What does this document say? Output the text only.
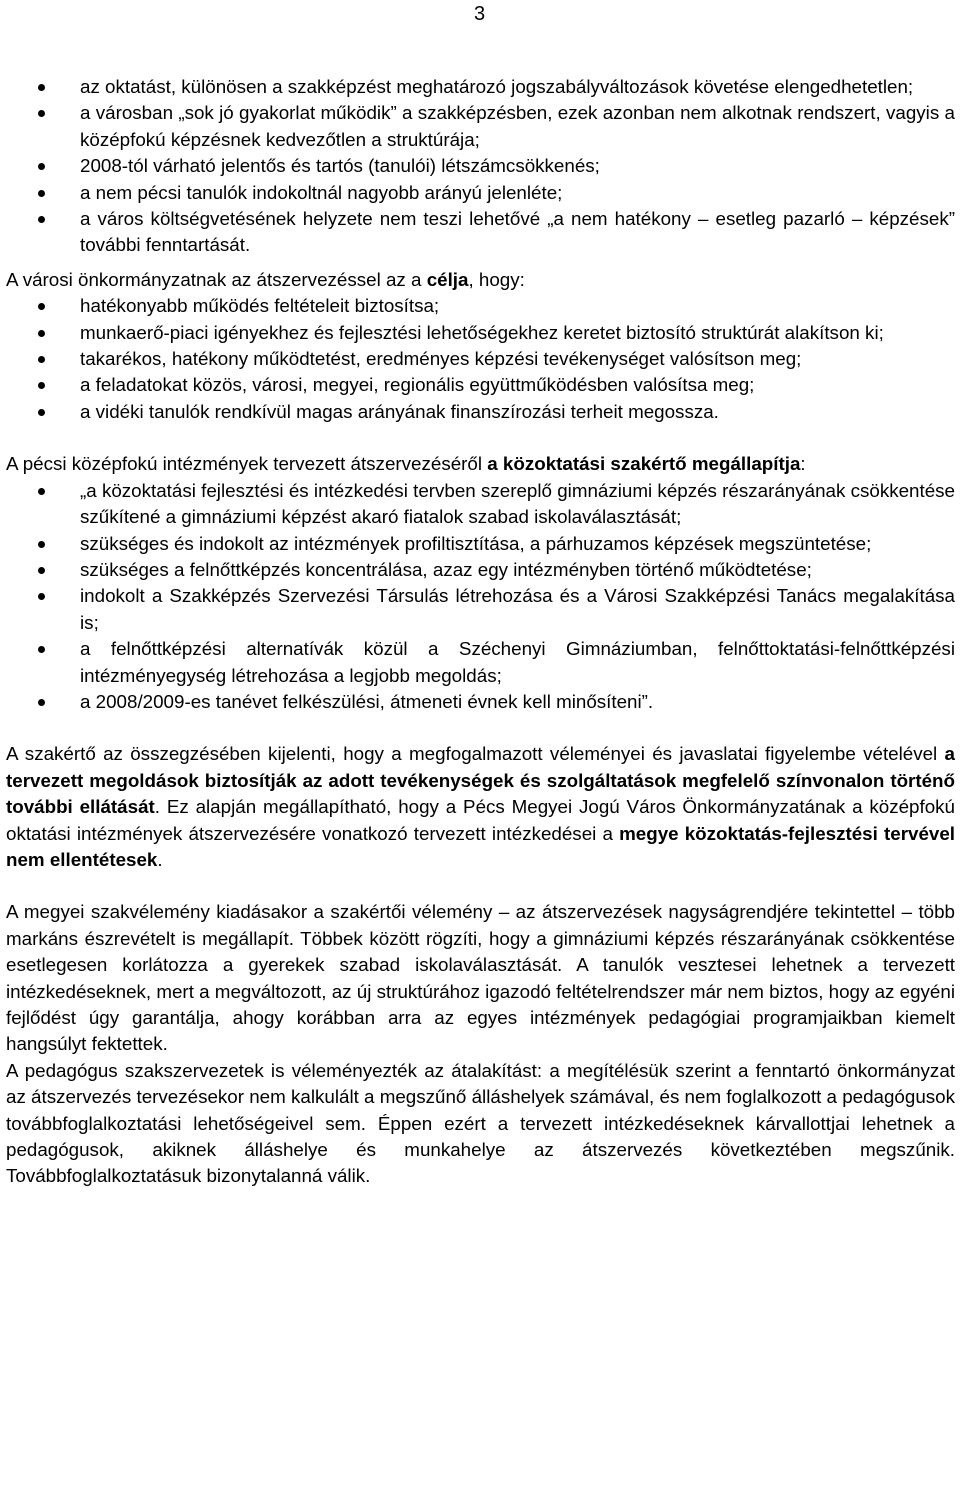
3
az oktatást, különösen a szakképzést meghatározó jogszabályváltozások követése elengedhetetlen;
a városban „sok jó gyakorlat működik” a szakképzésben, ezek azonban nem alkotnak rendszert, vagyis a középfokú képzésnek kedvezőtlen a struktúrája;
2008-tól várható jelentős és tartós (tanulói) létszámcsökkenés;
a nem pécsi tanulók indokoltnál nagyobb arányú jelenléte;
a város költségvetésének helyzete nem teszi lehetővé „a nem hatékony – esetleg pazarló – képzések” további fenntartását.

A városi önkormányzatnak az átszervezéssel az a célja, hogy:

hatékonyabb működés feltételeit biztosítsa;
munkaerő-piaci igényekhez és fejlesztési lehetőségekhez keretet biztosító struktúrát alakítson ki;
takarékos, hatékony működtetést, eredményes képzési tevékenységet valósítson meg;
a feladatokat közös, városi, megyei, regionális együttműködésben valósítsa meg;
a vidéki tanulók rendkívül magas arányának finanszírozási terheit megossza.

A pécsi középfokú intézmények tervezett átszervezéséről a közoktatási szakértő megállapítja:

„a közoktatási fejlesztési és intézkedési tervben szereplő gimnáziumi képzés részarányának csökkentése szűkítené a gimnáziumi képzést akaró fiatalok szabad iskolaválasztását;
szükséges és indokolt az intézmények profiltisztítása, a párhuzamos képzések megszüntetése;
szükséges a felnőttképzés koncentrálása, azaz egy intézményben történő működtetése;
indokolt a Szakképzés Szervezési Társulás létrehozása és a Városi Szakképzési Tanács megalakítása is;
a felnőttképzési alternatívák közül a Széchenyi Gimnáziumban, felnőttoktatási-felnőttképzési intézményegység létrehozása a legjobb megoldás;
a 2008/2009-es tanévet felkészülési, átmeneti évnek kell minősíteni”.

A szakértő az összegzésében kijelenti, hogy a megfogalmazott véleményei és javaslatai figyelembe vételével a tervezett megoldások biztosítják az adott tevékenységek és szolgáltatások megfelelő színvonalon történő további ellátását. Ez alapján megállapítható, hogy a Pécs Megyei Jogú Város Önkormányzatának a középfokú oktatási intézmények átszervezésére vonatkozó tervezett intézkedései a megye közoktatás-fejlesztési tervével nem ellentétesek.

A megyei szakvélemény kiadásakor a szakértői vélemény – az átszervezések nagyságrendjére tekintettel – több markáns észrevételt is megállapít. Többek között rögzíti, hogy a gimnáziumi képzés részarányának csökkentése esetlegesen korlátozza a gyerekek szabad iskolaválasztását. A tanulók vesztesei lehetnek a tervezett intézkedéseknek, mert a megváltozott, az új struktúrához igazodó feltételrendszer már nem biztos, hogy az egyéni fejlődést úgy garantálja, ahogy korábban arra az egyes intézmények pedagógiai programjaikban kiemelt hangsúlyt fektettek.

A pedagógus szakszervezetek is véleményezték az átalakítást: a megítélésük szerint a fenntartó önkormányzat az átszervezés tervezésekor nem kalkulált a megszűnő álláshelyek számával, és nem foglalkozott a pedagógusok továbbfoglalkoztatási lehetőségeivel sem. Éppen ezért a tervezett intézkedéseknek kárvallottjai lehetnek a pedagógusok, akiknek álláshelye és munkahelye az átszervezés következtében megszűnik. Továbbfoglalkoztatásuk bizonytalanná válik.
